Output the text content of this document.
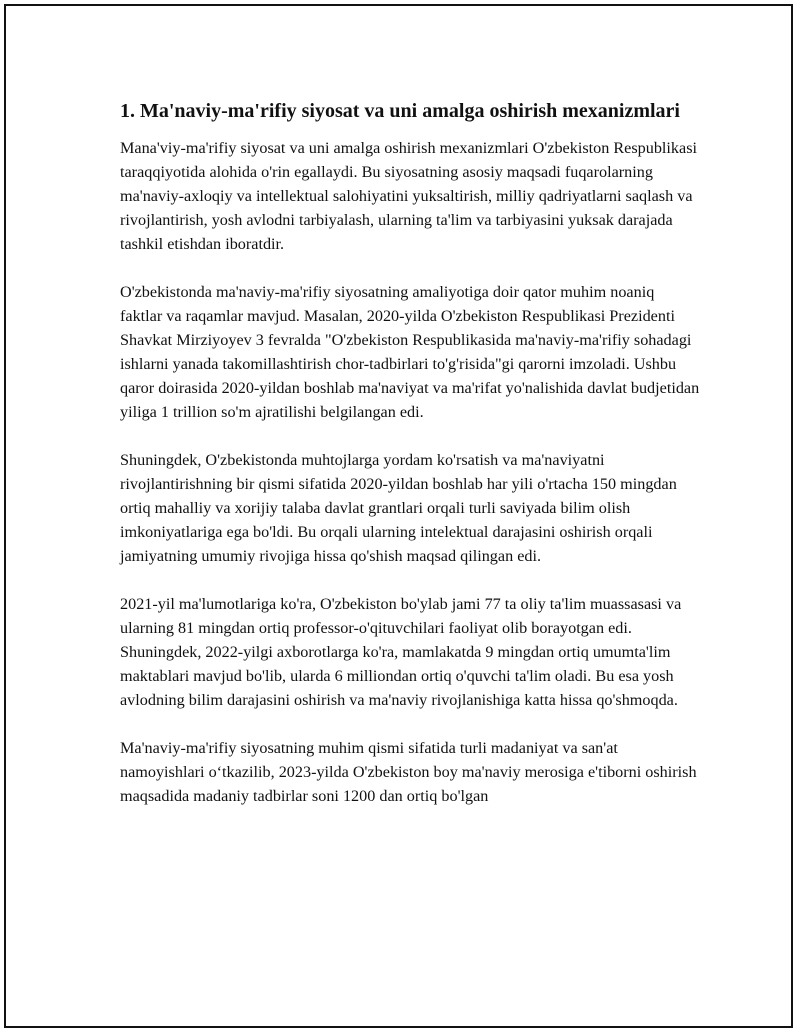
1. Ma'naviy-ma'rifiy siyosat va uni amalga oshirish mexanizmlari

Mana'viy-ma'rifiy siyosat va uni amalga oshirish mexanizmlari O'zbekiston Respublikasi taraqqiyotida alohida o'rin egallaydi. Bu siyosatning asosiy maqsadi fuqarolarning ma'naviy-axloqiy va intellektual salohiyatini yuksaltirish, milliy qadriyatlarni saqlash va rivojlantirish, yosh avlodni tarbiyalash, ularning ta'lim va tarbiyasini yuksak darajada tashkil etishdan iboratdir.

O'zbekistonda ma'naviy-ma'rifiy siyosatning amaliyotiga doir qator muhim noaniq faktlar va raqamlar mavjud. Masalan, 2020-yilda O'zbekiston Respublikasi Prezidenti Shavkat Mirziyoyev 3 fevralda "O'zbekiston Respublikasida ma'naviy-ma'rifiy sohadagi ishlarni yanada takomillashtirish chor-tadbirlari to'g'risida"gi qarorni imzoladi. Ushbu qaror doirasida 2020-yildan boshlab ma'naviyat va ma'rifat yo'nalishida davlat budjetidan yiliga 1 trillion so'm ajratilishi belgilangan edi.

Shuningdek, O'zbekistonda muhtojlarga yordam ko'rsatish va ma'naviyatni rivojlantirishning bir qismi sifatida 2020-yildan boshlab har yili o'rtacha 150 mingdan ortiq mahalliy va xorijiy talaba davlat grantlari orqali turli saviyada bilim olish imkoniyatlariga ega bo'ldi. Bu orqali ularning intelektual darajasini oshirish orqali jamiyatning umumiy rivojiga hissa qo'shish maqsad qilingan edi.

2021-yil ma'lumotlariga ko'ra, O'zbekiston bo'ylab jami 77 ta oliy ta'lim muassasasi va ularning 81 mingdan ortiq professor-o'qituvchilari faoliyat olib borayotgan edi. Shuningdek, 2022-yilgi axborotlarga ko'ra, mamlakatda 9 mingdan ortiq umumta'lim maktablari mavjud bo'lib, ularda 6 milliondan ortiq o'quvchi ta'lim oladi. Bu esa yosh avlodning bilim darajasini oshirish va ma'naviy rivojlanishiga katta hissa qo'shmoqda.

Ma'naviy-ma'rifiy siyosatning muhim qismi sifatida turli madaniyat va san'at namoyishlari o‘tkazilib, 2023-yilda O'zbekiston boy ma'naviy merosiga e'tiborni oshirish maqsadida madaniy tadbirlar soni 1200 dan ortiq bo'lgan
